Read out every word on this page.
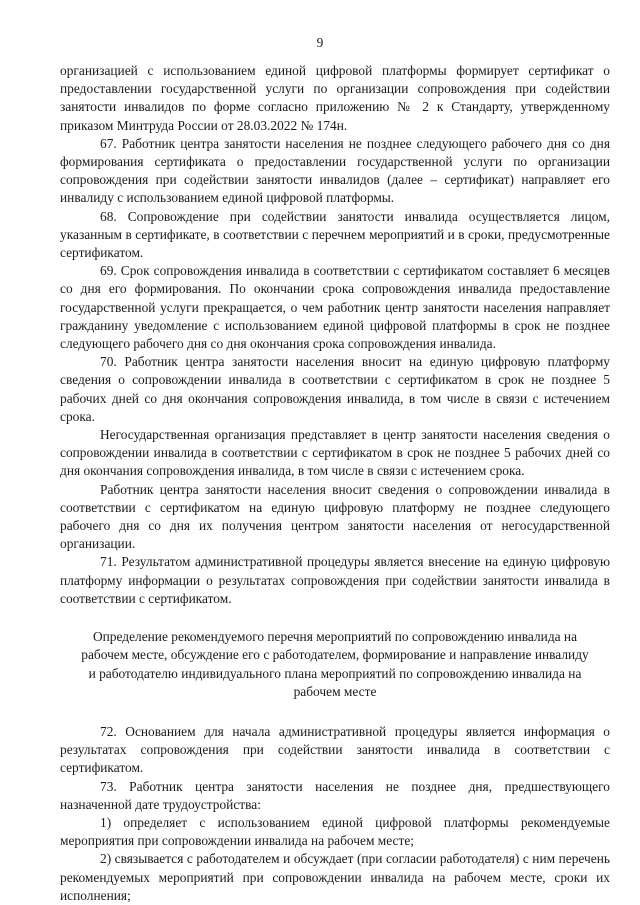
9

организацией с использованием единой цифровой платформы формирует сертификат о предоставлении государственной услуги по организации сопровождения при содействии занятости инвалидов по форме согласно приложению № 2 к Стандарту, утвержденному приказом Минтруда России от 28.03.2022 № 174н.

67. Работник центра занятости населения не позднее следующего рабочего дня со дня формирования сертификата о предоставлении государственной услуги по организации сопровождения при содействии занятости инвалидов (далее – сертификат) направляет его инвалиду с использованием единой цифровой платформы.

68. Сопровождение при содействии занятости инвалида осуществляется лицом, указанным в сертификате, в соответствии с перечнем мероприятий и в сроки, предусмотренные сертификатом.

69. Срок сопровождения инвалида в соответствии с сертификатом составляет 6 месяцев со дня его формирования. По окончании срока сопровождения инвалида предоставление государственной услуги прекращается, о чем работник центр занятости населения направляет гражданину уведомление с использованием единой цифровой платформы в срок не позднее следующего рабочего дня со дня окончания срока сопровождения инвалида.

70. Работник центра занятости населения вносит на единую цифровую платформу сведения о сопровождении инвалида в соответствии с сертификатом в срок не позднее 5 рабочих дней со дня окончания сопровождения инвалида, в том числе в связи с истечением срока.

Негосударственная организация представляет в центр занятости населения сведения о сопровождении инвалида в соответствии с сертификатом в срок не позднее 5 рабочих дней со дня окончания сопровождения инвалида, в том числе в связи с истечением срока.

Работник центра занятости населения вносит сведения о сопровождении инвалида в соответствии с сертификатом на единую цифровую платформу не позднее следующего рабочего дня со дня их получения центром занятости населения от негосударственной организации.

71. Результатом административной процедуры является внесение на единую цифровую платформу информации о результатах сопровождения при содействии занятости инвалида в соответствии с сертификатом.

Определение рекомендуемого перечня мероприятий по сопровождению инвалида на рабочем месте, обсуждение его с работодателем, формирование и направление инвалиду и работодателю индивидуального плана мероприятий по сопровождению инвалида на рабочем месте

72. Основанием для начала административной процедуры является информация о результатах сопровождения при содействии занятости инвалида в соответствии с сертификатом.

73. Работник центра занятости населения не позднее дня, предшествующего назначенной дате трудоустройства:

1) определяет с использованием единой цифровой платформы рекомендуемые мероприятия при сопровождении инвалида на рабочем месте;

2) связывается с работодателем и обсуждает (при согласии работодателя) с ним перечень рекомендуемых мероприятий при сопровождении инвалида на рабочем месте, сроки их исполнения;
